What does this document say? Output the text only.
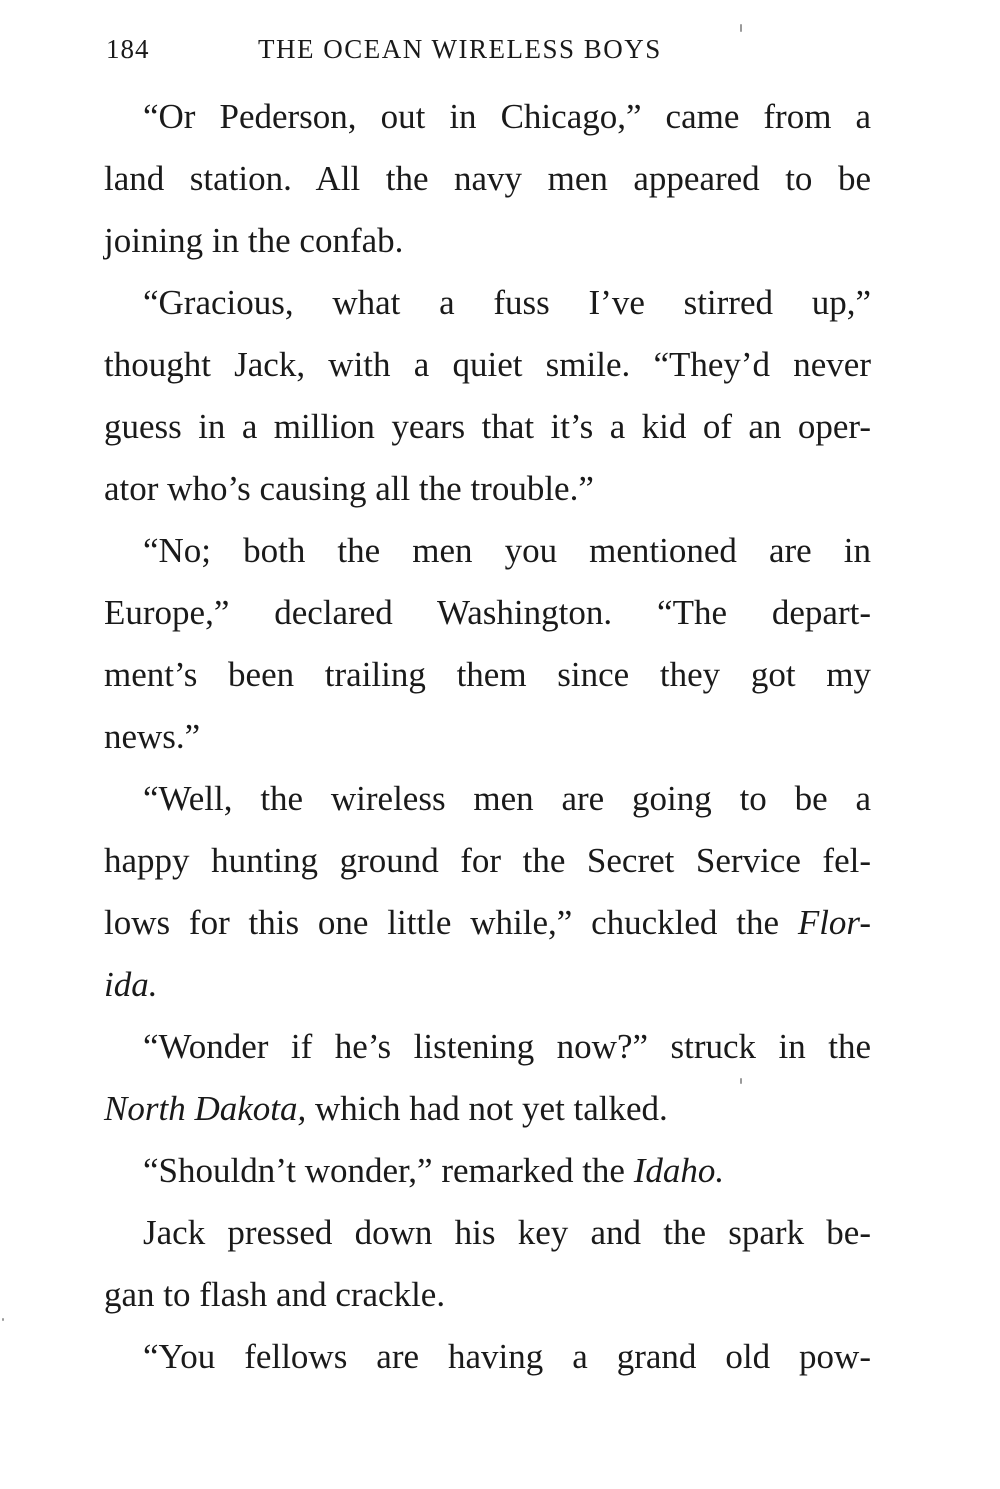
184	THE OCEAN WIRELESS BOYS
“Or Pederson, out in Chicago,” came from a
land station. All the navy men appeared to be
joining in the confab.
“Gracious, what a fuss I’ve stirred up,”
thought Jack, with a quiet smile. “They’d never
guess in a million years that it’s a kid of an oper-
ator who’s causing all the trouble.”
“No; both the men you mentioned are in
Europe,” declared Washington. “The depart-
ment’s been trailing them since they got my
news.”
“Well, the wireless men are going to be a
happy hunting ground for the Secret Service fel-
lows for this one little while,” chuckled the Flor-
ida.
“Wonder if he’s listening now?” struck in the
North Dakota, which had not yet talked.
“Shouldn’t wonder,” remarked the Idaho.
Jack pressed down his key and the spark be-
gan to flash and crackle.
“You fellows are having a grand old pow-
